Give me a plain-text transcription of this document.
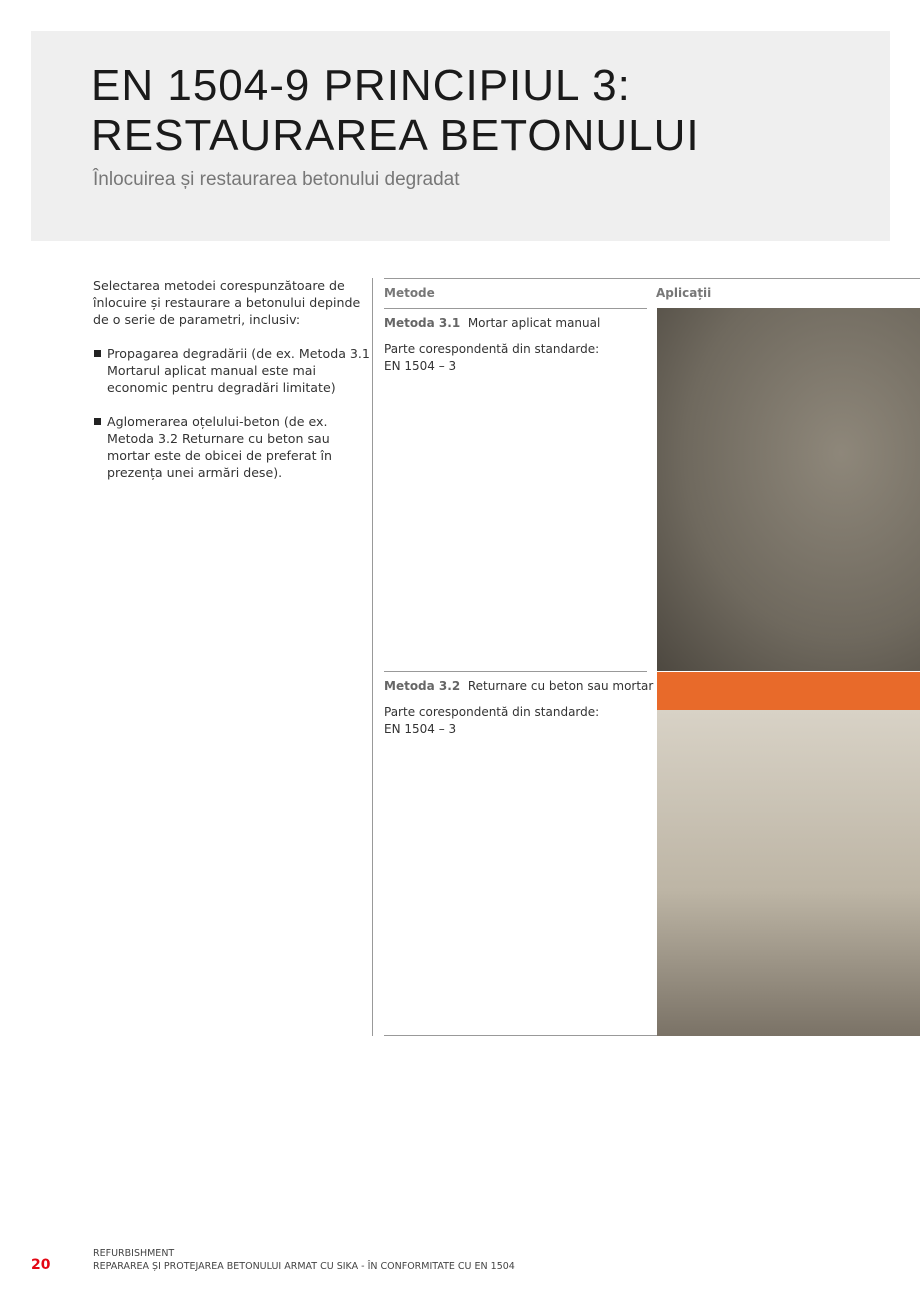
EN 1504-9 PRINCIPIUL 3:
RESTAURAREA BETONULUI
Înlocuirea și restaurarea betonului degradat

Selectarea metodei corespunzătoare de înlocuire și restaurare a betonului depinde de o serie de parametri, inclusiv:

Propagarea degradării (de ex. Metoda 3.1 Mortarul aplicat manual este mai economic pentru degradări limitate)
Aglomerarea oțelului-beton (de ex. Metoda 3.2 Returnare cu beton sau mortar este de obicei de preferat în prezența unei armări dese).
Metode	Aplicații
Metoda 3.1 Mortar aplicat manual
Parte corespondentă din standarde:
EN 1504 – 3
Metoda 3.2 Returnare cu beton sau mortar
Parte corespondentă din standarde:
EN 1504 – 3
20
REFURBISHMENT
REPARAREA ȘI PROTEJAREA BETONULUI ARMAT CU SIKA - ÎN CONFORMITATE CU EN 1504
